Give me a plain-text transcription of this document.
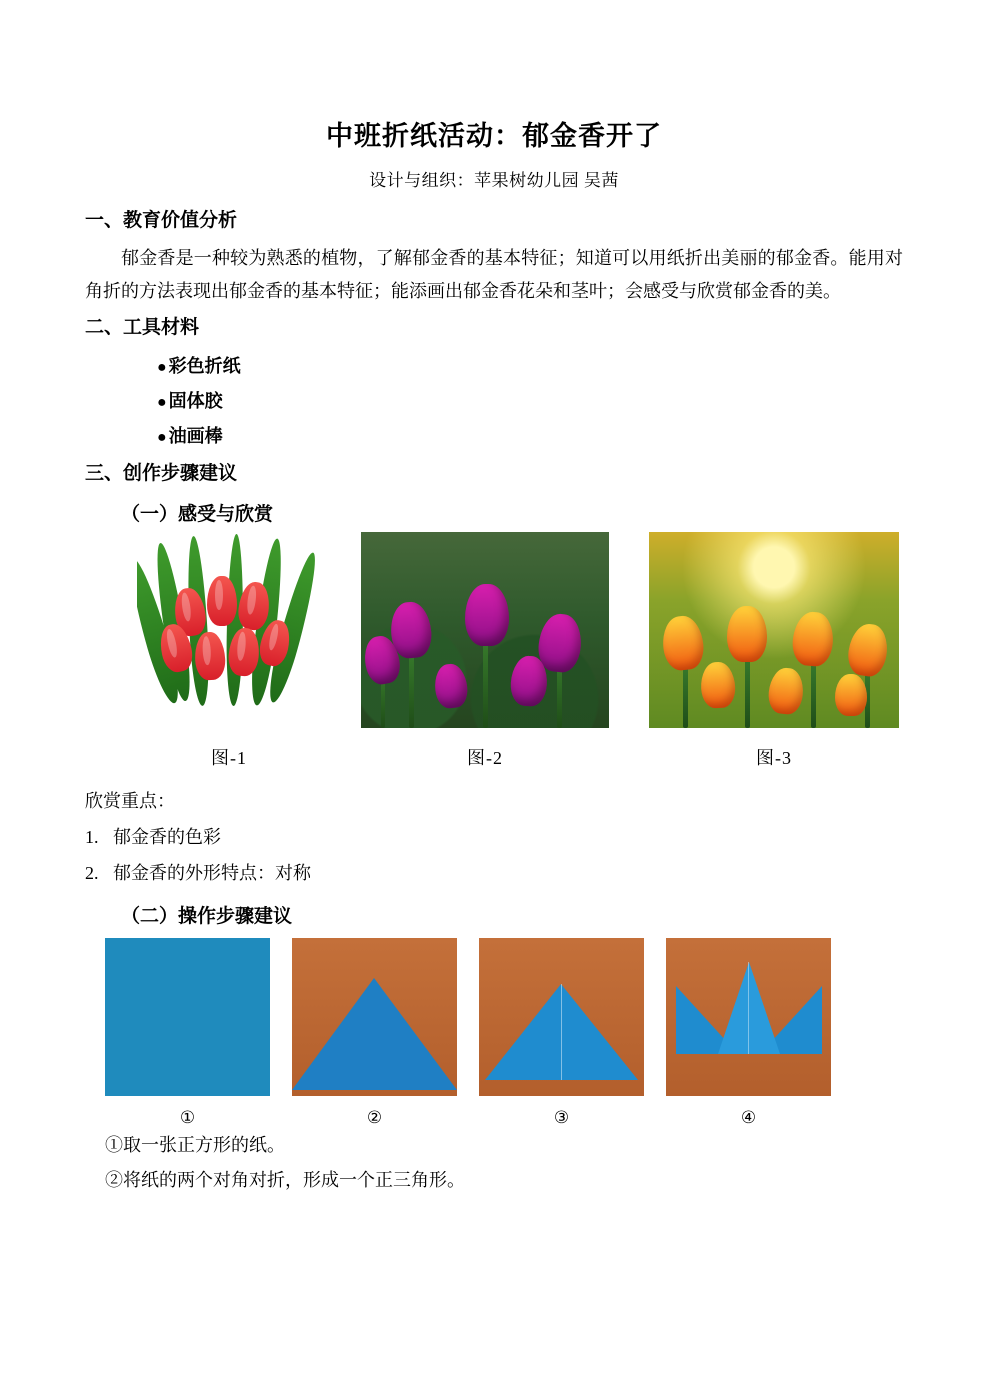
中班折纸活动：郁金香开了
设计与组织：苹果树幼儿园 吴茜
一、教育价值分析

郁金香是一种较为熟悉的植物，了解郁金香的基本特征；知道可以用纸折出美丽的郁金香。能用对角折的方法表现出郁金香的基本特征；能添画出郁金香花朵和茎叶；会感受与欣赏郁金香的美。

二、工具材料
● 彩色折纸
● 固体胶
● 油画棒
三、创作步骤建议
（一）感受与欣赏
图-1	图-2	图-3

欣赏重点：

1. 郁金香的色彩

2. 郁金香的外形特点：对称

（二）操作步骤建议
①	②	③	④

①取一张正方形的纸。

②将纸的两个对角对折，形成一个正三角形。
